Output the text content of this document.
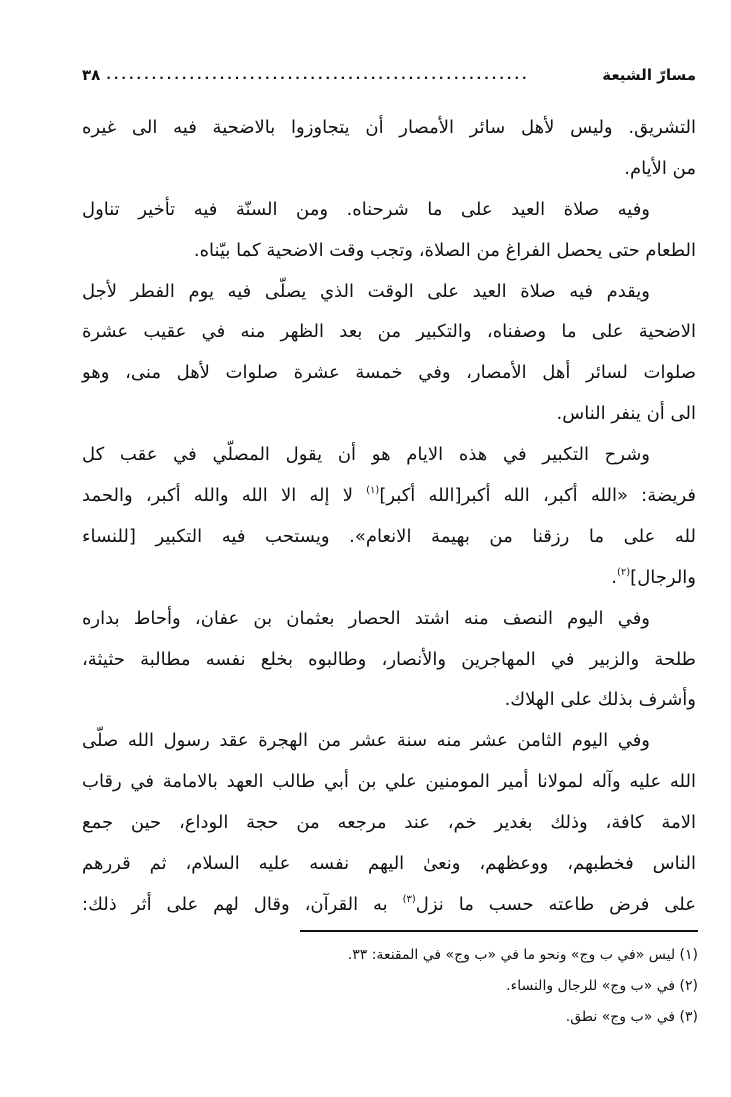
٣٨ ........................................................	مسارّ الشيعة
التشريق. وليس لأهل سائر الأمصار أن يتجاوزوا بالاضحية فيه الى غيره
من الأيام.
وفيه صلاة العيد على ما شرحناه. ومن السنّة فيه تأخير تناول
الطعام حتى يحصل الفراغ من الصلاة، وتجب وقت الاضحية كما بيّناه.
ويقدم فيه صلاة العيد على الوقت الذي يصلّى فيه يوم الفطر لأجل
الاضحية على ما وصفناه، والتكبير من بعد الظهر منه في عقيب عشرة
صلوات لسائر أهل الأمصار، وفي خمسة عشرة صلوات لأهل منى، وهو
الى أن ينفر الناس.
وشرح التكبير في هذه الايام هو أن يقول المصلّي في عقب كل
فريضة: «الله أكبر، الله أكبر[الله أكبر]$^{(١)}$ لا إله الا الله والله أكبر، والحمد
لله على ما رزقنا من بهيمة الانعام». ويستحب فيه التكبير [للنساء
والرجال]$^{(٢)}$.
وفي اليوم النصف منه اشتد الحصار بعثمان بن عفان، وأحاط بداره
طلحة والزبير في المهاجرين والأنصار، وطالبوه بخلع نفسه مطالبة حثيثة،
وأشرف بذلك على الهلاك.
وفي اليوم الثامن عشر منه سنة عشر من الهجرة عقد رسول الله صلّى
الله عليه وآله لمولانا أمير المومنين علي بن أبي طالب العهد بالامامة في رقاب
الامة كافة، وذلك بغدير خم، عند مرجعه من حجة الوداع، حين جمع
الناس فخطبهم، ووعظهم، ونعىٰ اليهم نفسه عليه السلام، ثم قررهم
على فرض طاعته حسب ما نزل$^{(٣)}$ به القرآن، وقال لهم على أثر ذلك:
(١) ليس «في ب وج» ونحو ما في «ب وج» في المقنعة: ٣٣.
(٢) في «ب وج» للرجال والنساء.
(٣) في «ب وج» نطق.
